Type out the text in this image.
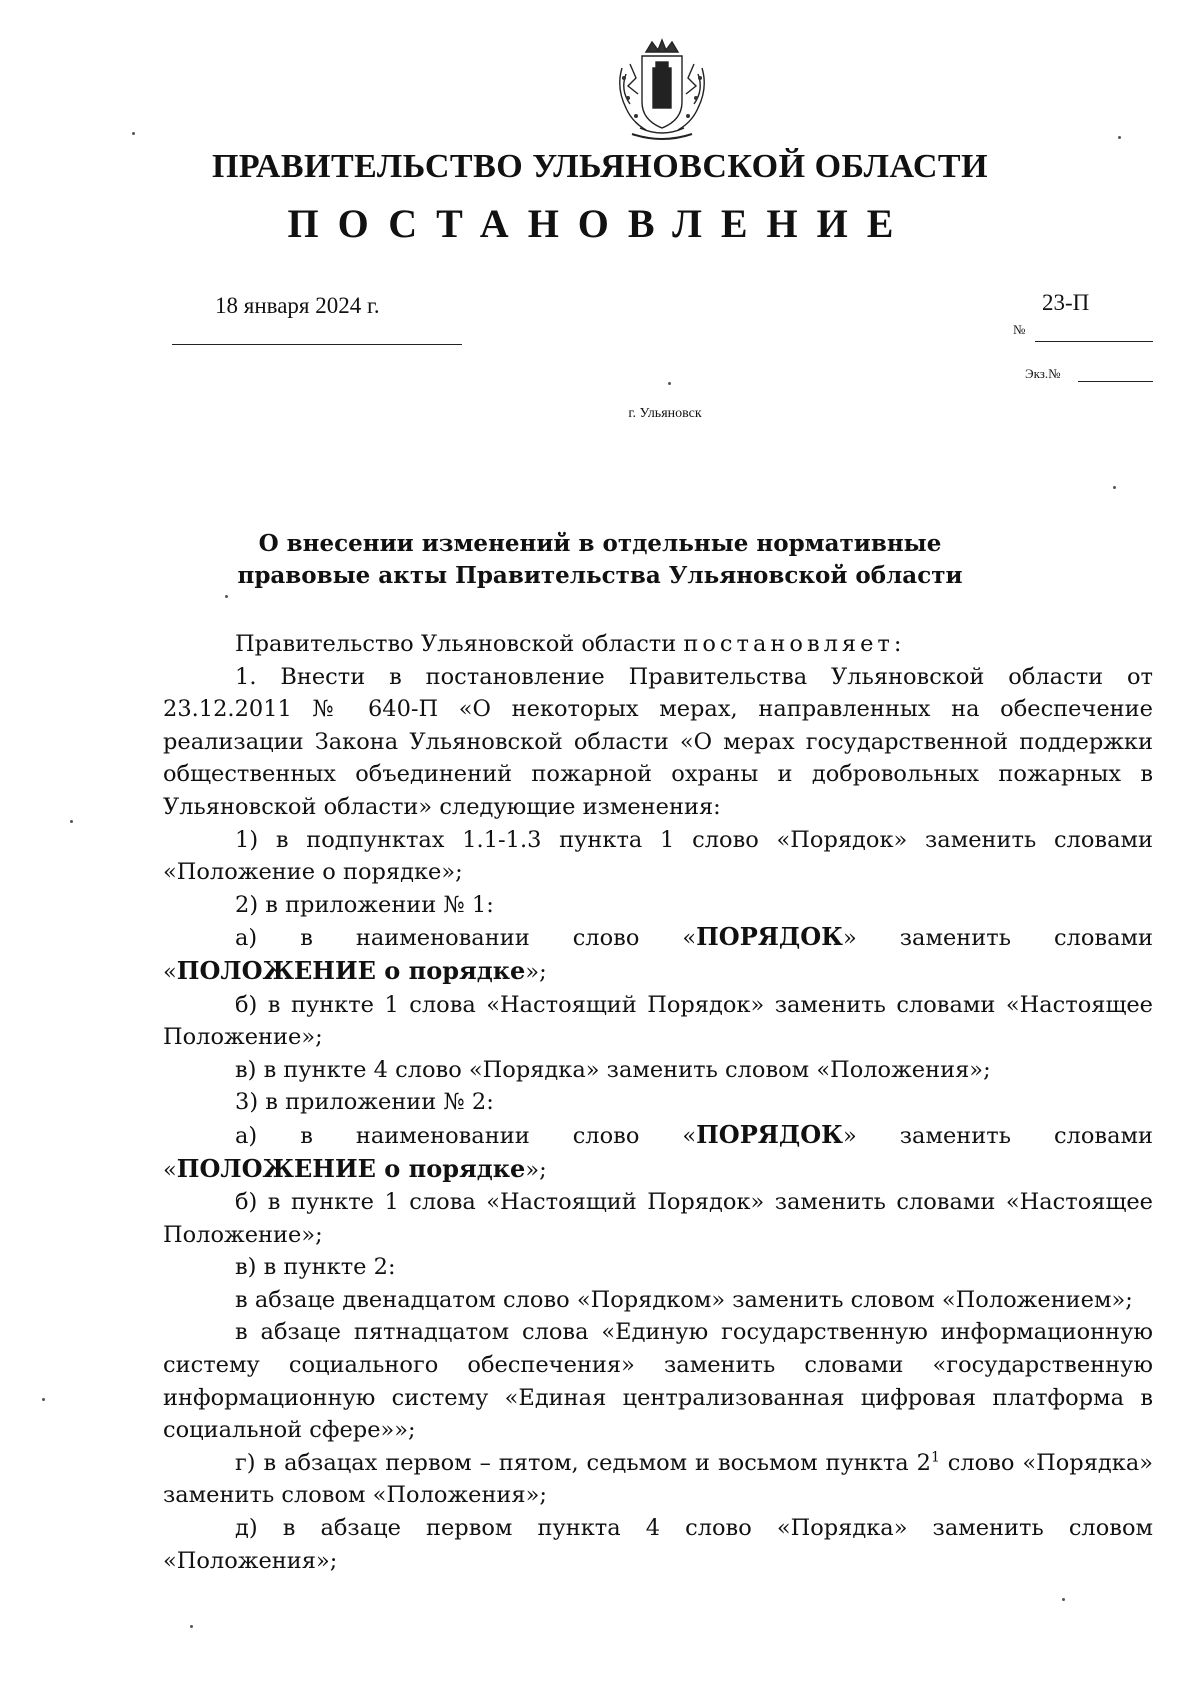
ПРАВИТЕЛЬСТВО УЛЬЯНОВСКОЙ ОБЛАСТИ
ПОСТАНОВЛЕНИЕ
18 января 2024 г.	23-П
№
Экз.№
г. Ульяновск
О внесении изменений в отдельные нормативные
правовые акты Правительства Ульяновской области

Правительство Ульяновской области постановляет:

1. Внести в постановление Правительства Ульяновской области от 23.12.2011 № 640-П «О некоторых мерах, направленных на обеспечение реализации Закона Ульяновской области «О мерах государственной поддержки общественных объединений пожарной охраны и добровольных пожарных в Ульяновской области» следующие изменения:

1) в подпунктах 1.1-1.3 пункта 1 слово «Порядок» заменить словами «Положение о порядке»;

2) в приложении № 1:

а) в наименовании слово «ПОРЯДОК» заменить словами «ПОЛОЖЕНИЕ о порядке»;

б) в пункте 1 слова «Настоящий Порядок» заменить словами «Настоящее Положение»;

в) в пункте 4 слово «Порядка» заменить словом «Положения»;

3) в приложении № 2:

а) в наименовании слово «ПОРЯДОК» заменить словами «ПОЛОЖЕНИЕ о порядке»;

б) в пункте 1 слова «Настоящий Порядок» заменить словами «Настоящее Положение»;

в) в пункте 2:

в абзаце двенадцатом слово «Порядком» заменить словом «Положением»;

в абзаце пятнадцатом слова «Единую государственную информационную систему социального обеспечения» заменить словами «государственную информационную систему «Единая централизованная цифровая платформа в социальной сфере»»;

г) в абзацах первом – пятом, седьмом и восьмом пункта $2^1$ слово «Порядка» заменить словом «Положения»;

д) в абзаце первом пункта 4 слово «Порядка» заменить словом «Положения»;
